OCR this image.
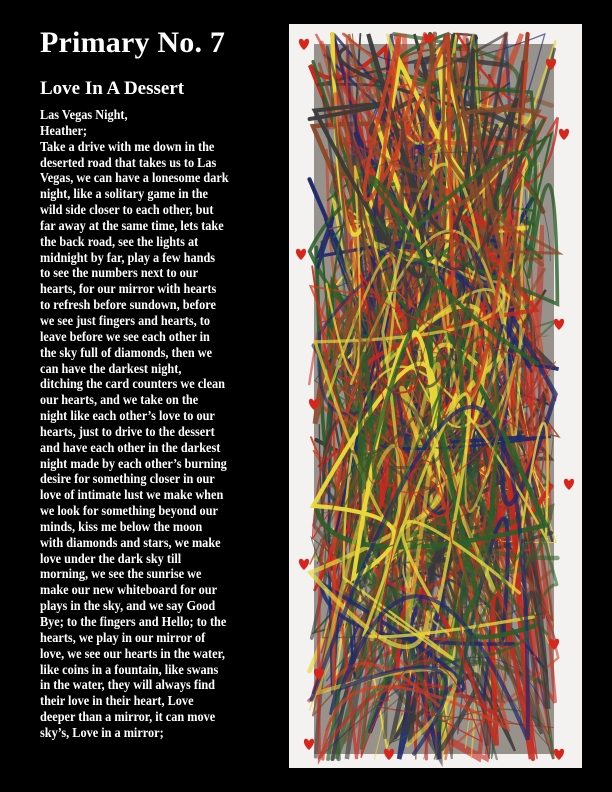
Primary No. 7
Love In A Dessert
Las Vegas Night,
Heather;
Take a drive with me down in the
deserted road that takes us to Las
Vegas, we can have a lonesome dark
night, like a solitary game in the
wild side closer to each other, but
far away at the same time, lets take
the back road, see the lights at
midnight by far, play a few hands
to see the numbers next to our
hearts, for our mirror with hearts
to refresh before sundown, before
we see just fingers and hearts, to
leave before we see each other in
the sky full of diamonds, then we
can have the darkest night,
ditching the card counters we clean
our hearts, and we take on the
night like each other’s love to our
hearts, just to drive to the dessert
and have each other in the darkest
night made by each other’s burning
desire for something closer in our
love of intimate lust we make when
we look for something beyond our
minds, kiss me below the moon
with diamonds and stars, we make
love under the dark sky till
morning, we see the sunrise we
make our new whiteboard for our
plays in the sky, and we say Good
Bye; to the fingers and Hello; to the
hearts, we play in our mirror of
love, we see our hearts in the water,
like coins in a fountain, like swans
in the water, they will always find
their love in their heart, Love
deeper than a mirror, it can move
sky’s, Love in a mirror;
